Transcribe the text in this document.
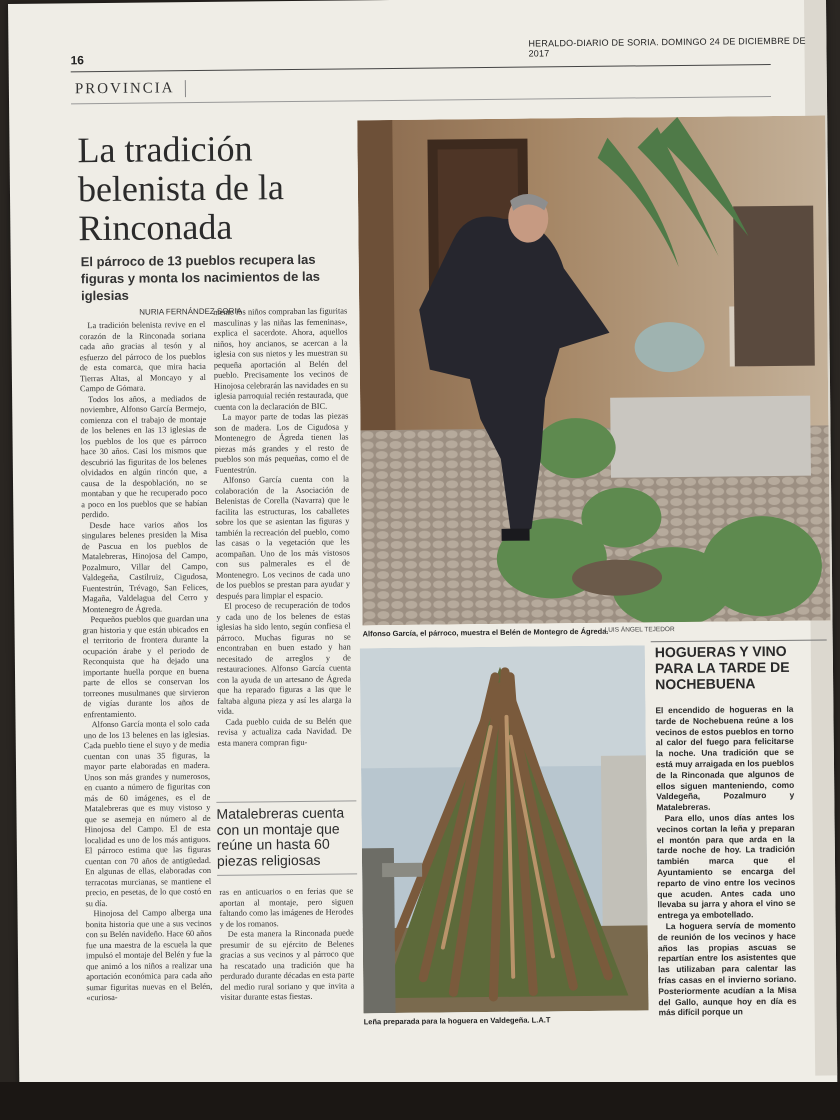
16
HERALDO-DIARIO DE SORIA. DOMINGO 24 DE DICIEMBRE DE 2017
PROVINCIA
La tradición belenista de la Rinconada
El párroco de 13 pueblos recupera las figuras y monta los nacimientos de las iglesias
NURIA FERNÁNDEZ SORIA

La tradición belenista revive en el corazón de la Rinconada soriana cada año gracias al tesón y al esfuerzo del párroco de los pueblos de esta comarca, que mira hacia Tierras Altas, al Moncayo y al Campo de Gómara.

Todos los años, a mediados de noviembre, Alfonso García Bermejo, comienza con el trabajo de montaje de los belenes en las 13 iglesias de los pueblos de los que es párroco hace 30 años. Casi los mismos que descubrió las figuritas de los belenes olvidados en algún rincón que, a causa de la despoblación, no se montaban y que he recuperado poco a poco en los pueblos que se habían perdido.

Desde hace varios años los singulares belenes presiden la Misa de Pascua en los pueblos de Matalebreras, Hinojosa del Campo, Pozalmuro, Villar del Campo, Valdegeña, Castilruiz, Cigudosa, Fuentestrún, Trévago, San Felices, Magaña, Valdelagua del Cerro y Montenegro de Ágreda.

Pequeños pueblos que guardan una gran historia y que están ubicados en el territorio de frontera durante la ocupación árabe y el periodo de Reconquista que ha dejado una importante huella porque en buena parte de ellos se conservan los torreones musulmanes que sirvieron de vigías durante los años de enfrentamiento.

Alfonso García monta el solo cada uno de los 13 belenes en las iglesias. Cada pueblo tiene el suyo y de media cuentan con unas 35 figuras, la mayor parte elaboradas en madera. Unos son más grandes y numerosos, en cuanto a número de figuritas con más de 60 imágenes, es el de Matalebreras que es muy vistoso y que se asemeja en número al de Hinojosa del Campo. El de esta localidad es uno de los más antiguos. El párroco estima que las figuras cuentan con 70 años de antigüedad. En algunas de ellas, elaboradas con terracotas murcianas, se mantiene el precio, en pesetas, de lo que costó en su día.

Hinojosa del Campo alberga una bonita historia que une a sus vecinos con su Belén navideño. Hace 60 años fue una maestra de la escuela la que impulsó el montaje del Belén y fue la que animó a los niños a realizar una aportación económica para cada año sumar figuritas nuevas en el Belén, «curiosa-

mente los niños compraban las figuritas masculinas y las niñas las femeninas», explica el sacerdote. Ahora, aquellos niños, hoy ancianos, se acercan a la iglesia con sus nietos y les muestran su pequeña aportación al Belén del pueblo. Precisamente los vecinos de Hinojosa celebrarán las navidades en su iglesia parroquial recién restaurada, que cuenta con la declaración de BIC.

La mayor parte de todas las piezas son de madera. Los de Cigudosa y Montenegro de Ágreda tienen las piezas más grandes y el resto de pueblos son más pequeñas, como el de Fuentestrún.

Alfonso García cuenta con la colaboración de la Asociación de Belenistas de Corella (Navarra) que le facilita las estructuras, los caballetes sobre los que se asientan las figuras y también la recreación del pueblo, como las casas o la vegetación que les acompañan. Uno de los más vistosos con sus palmerales es el de Montenegro. Los vecinos de cada uno de los pueblos se prestan para ayudar y después para limpiar el espacio.

El proceso de recuperación de todos y cada uno de los belenes de estas iglesias ha sido lento, según confiesa el párroco. Muchas figuras no se encontraban en buen estado y han necesitado de arreglos y de restauraciones. Alfonso García cuenta con la ayuda de un artesano de Ágreda que ha reparado figuras a las que le faltaba alguna pieza y así les alarga la vida.

Cada pueblo cuida de su Belén que revisa y actualiza cada Navidad. De esta manera compran figu-

Matalebreras cuenta con un montaje que reúne un hasta 60 piezas religiosas

ras en anticuarios o en ferias que se aportan al montaje, pero siguen faltando como las imágenes de Herodes y de los romanos.

De esta manera la Rinconada puede presumir de su ejército de Belenes gracias a sus vecinos y al párroco que ha rescatado una tradición que ha perdurado durante décadas en esta parte del medio rural soriano y que invita a visitar durante estas fiestas.

Alfonso García, el párroco, muestra el Belén de Montegro de Ágreda.
LUIS ÁNGEL TEJEDOR
Leña preparada para la hoguera en Valdegeña. L.A.T
HOGUERAS Y VINO PARA LA TARDE DE NOCHEBUENA

El encendido de hogueras en la tarde de Nochebuena reúne a los vecinos de estos pueblos en torno al calor del fuego para felicitarse la noche. Una tradición que se está muy arraigada en los pueblos de la Rinconada que algunos de ellos siguen manteniendo, como Valdegeña, Pozalmuro y Matalebreras.

Para ello, unos días antes los vecinos cortan la leña y preparan el montón para que arda en la tarde noche de hoy. La tradición también marca que el Ayuntamiento se encarga del reparto de vino entre los vecinos que acuden. Antes cada uno llevaba su jarra y ahora el vino se entrega ya embotellado.

La hoguera servía de momento de reunión de los vecinos y hace años las propias ascuas se repartían entre los asistentes que las utilizaban para calentar las frías casas en el invierno soriano. Posteriormente acudían a la Misa del Gallo, aunque hoy en día es más difícil porque un
